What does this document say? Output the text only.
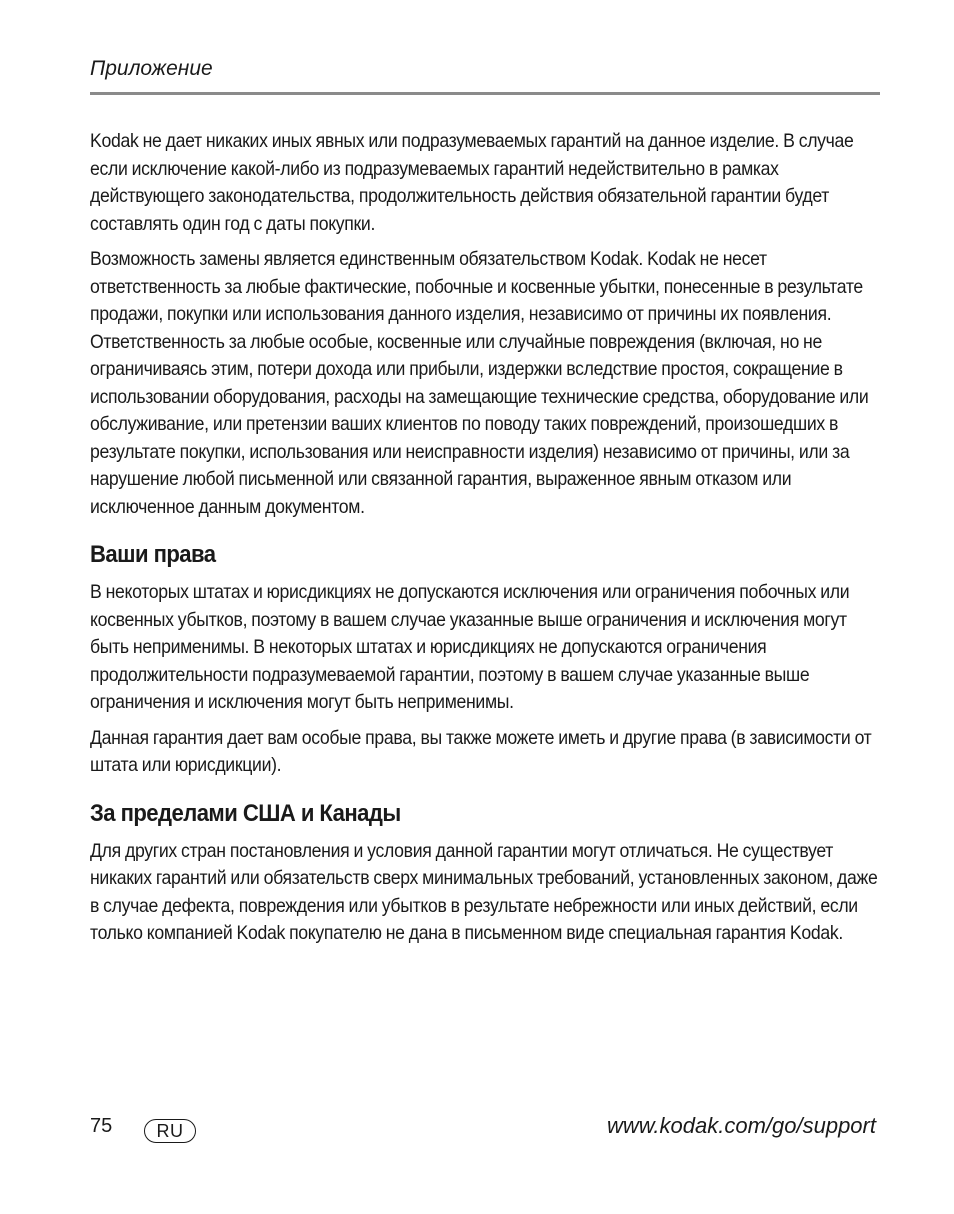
Приложение

Kodak не дает никаких иных явных или подразумеваемых гарантий на данное изделие. В случае если исключение какой-либо из подразумеваемых гарантий недействительно в рамках действующего законодательства, продолжительность действия обязательной гарантии будет составлять один год с даты покупки.

Возможность замены является единственным обязательством Kodak. Kodak не несет ответственность за любые фактические, побочные и косвенные убытки, понесенные в результате продажи, покупки или использования данного изделия, независимо от причины их появления. Ответственность за любые особые, косвенные или случайные повреждения (включая, но не ограничиваясь этим, потери дохода или прибыли, издержки вследствие простоя, сокращение в использовании оборудования, расходы на замещающие технические средства, оборудование или обслуживание, или претензии ваших клиентов по поводу таких повреждений, произошедших в результате покупки, использования или неисправности изделия) независимо от причины, или за нарушение любой письменной или связанной гарантия, выраженное явным отказом или исключенное данным документом.

Ваши права

В некоторых штатах и юрисдикциях не допускаются исключения или ограничения побочных или косвенных убытков, поэтому в вашем случае указанные выше ограничения и исключения могут быть неприменимы. В некоторых штатах и юрисдикциях не допускаются ограничения продолжительности подразумеваемой гарантии, поэтому в вашем случае указанные выше ограничения и исключения могут быть неприменимы.

Данная гарантия дает вам особые права, вы также можете иметь и другие права (в зависимости от штата или юрисдикции).

За пределами США и Канады

Для других стран постановления и условия данной гарантии могут отличаться. Не существует никаких гарантий или обязательств сверх минимальных требований, установленных законом, даже в случае дефекта, повреждения или убытков в результате небрежности или иных действий, если только компанией Kodak покупателю не дана в письменном виде специальная гарантия Kodak.

75	RU	www.kodak.com/go/support
